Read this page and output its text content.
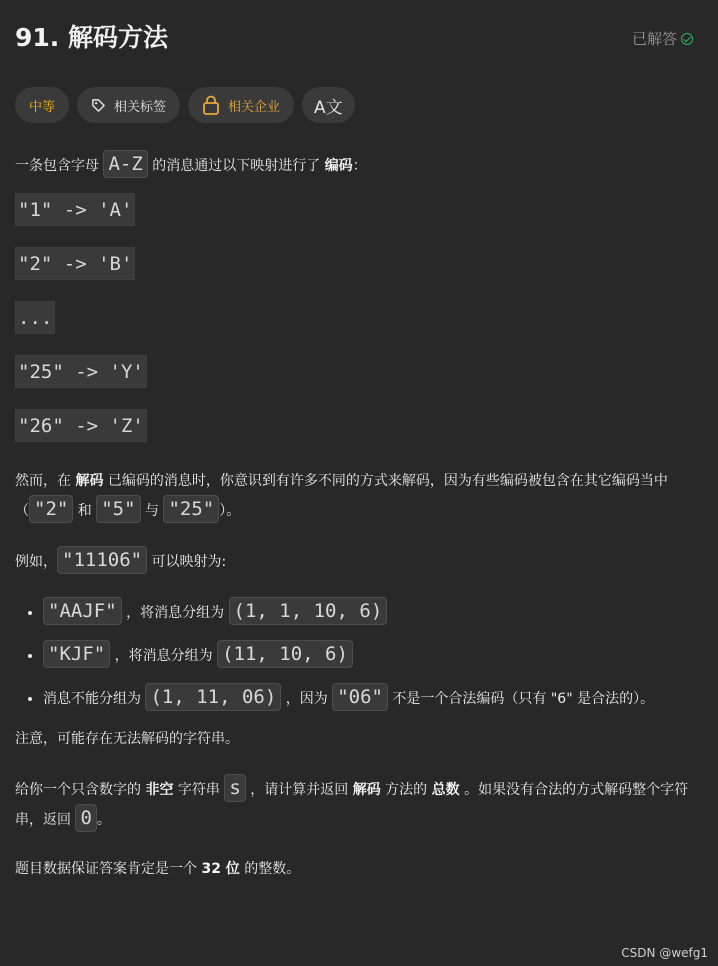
91. 解码方法	已解答
中等	相关标签	相关企业 A文

一条包含字母 A-Z 的消息通过以下映射进行了 编码：

"1" -> 'A'
"2" -> 'B'
...
"25" -> 'Y'
"26" -> 'Z'

然而，在 解码 已编码的消息时，你意识到有许多不同的方式来解码，因为有些编码被包含在其它编码当中（ "2" 和 "5" 与 "25" ）。

例如， "11106" 可以映射为:

• "AAJF" ，将消息分组为 (1, 1, 10, 6)
• "KJF" ，将消息分组为 (11, 10, 6)
• 消息不能分组为 (1, 11, 06) ，因为 "06" 不是一个合法编码（只有 "6" 是合法的）。

注意，可能存在无法解码的字符串。

给你一个只含数字的 非空 字符串 s ，请计算并返回 解码 方法的 总数 。如果没有合法的方式解码整个字符串，返回 0 。

题目数据保证答案肯定是一个 32 位 的整数。

CSDN @wefg1
